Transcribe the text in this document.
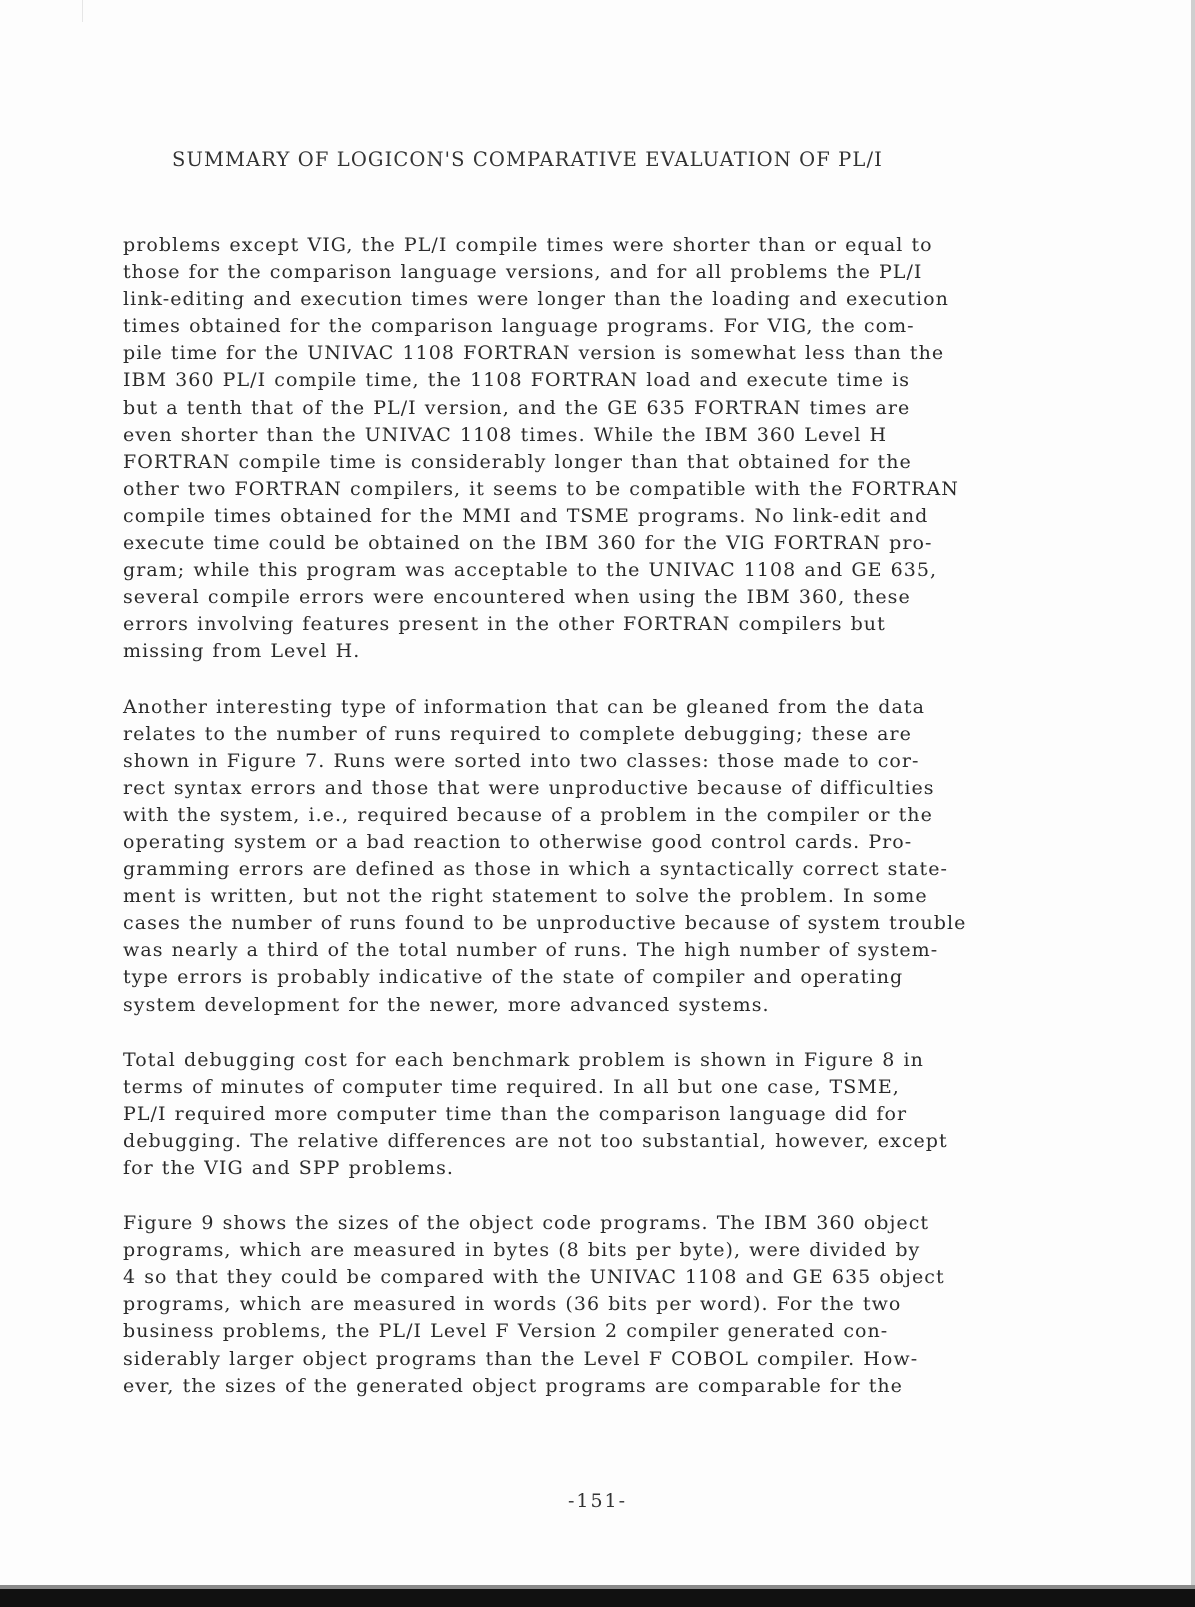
SUMMARY OF LOGICON'S COMPARATIVE EVALUATION OF PL/I
problems except VIG, the PL/I compile times were shorter than or equal to
those for the comparison language versions, and for all problems the PL/I
link-editing and execution times were longer than the loading and execution
times obtained for the comparison language programs. For VIG, the com-
pile time for the UNIVAC 1108 FORTRAN version is somewhat less than the
IBM 360 PL/I compile time, the 1108 FORTRAN load and execute time is
but a tenth that of the PL/I version, and the GE 635 FORTRAN times are
even shorter than the UNIVAC 1108 times. While the IBM 360 Level H
FORTRAN compile time is considerably longer than that obtained for the
other two FORTRAN compilers, it seems to be compatible with the FORTRAN
compile times obtained for the MMI and TSME programs. No link-edit and
execute time could be obtained on the IBM 360 for the VIG FORTRAN pro-
gram; while this program was acceptable to the UNIVAC 1108 and GE 635,
several compile errors were encountered when using the IBM 360, these
errors involving features present in the other FORTRAN compilers but
missing from Level H.
Another interesting type of information that can be gleaned from the data
relates to the number of runs required to complete debugging; these are
shown in Figure 7. Runs were sorted into two classes: those made to cor-
rect syntax errors and those that were unproductive because of difficulties
with the system, i.e., required because of a problem in the compiler or the
operating system or a bad reaction to otherwise good control cards. Pro-
gramming errors are defined as those in which a syntactically correct state-
ment is written, but not the right statement to solve the problem. In some
cases the number of runs found to be unproductive because of system trouble
was nearly a third of the total number of runs. The high number of system-
type errors is probably indicative of the state of compiler and operating
system development for the newer, more advanced systems.
Total debugging cost for each benchmark problem is shown in Figure 8 in
terms of minutes of computer time required. In all but one case, TSME,
PL/I required more computer time than the comparison language did for
debugging. The relative differences are not too substantial, however, except
for the VIG and SPP problems.
Figure 9 shows the sizes of the object code programs. The IBM 360 object
programs, which are measured in bytes (8 bits per byte), were divided by
4 so that they could be compared with the UNIVAC 1108 and GE 635 object
programs, which are measured in words (36 bits per word). For the two
business problems, the PL/I Level F Version 2 compiler generated con-
siderably larger object programs than the Level F COBOL compiler. How-
ever, the sizes of the generated object programs are comparable for the
-151-
